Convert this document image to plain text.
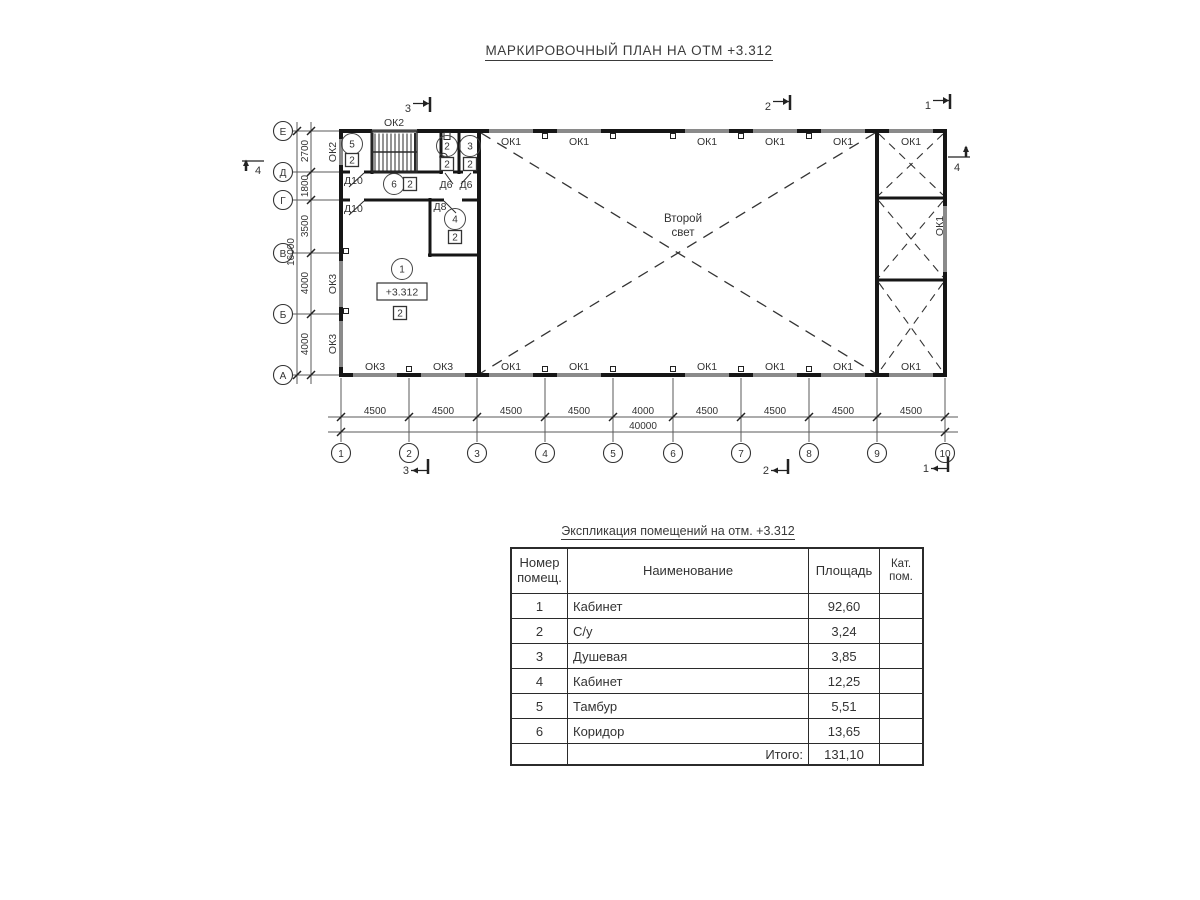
МАРКИРОВОЧНЫЙ ПЛАН НА ОТМ +3.312
1	2	3	4	5	6	7	8	9	10
Е
Д
Г
В
Б
А
4500	4500	4500	4500	4000	4500	4500	4500	4500
40000
2700
1800
3500
4000
4000
16000
3	2	1
3	2	1
4	4
ОК2
ОК2	ОК1	ОК1	ОК1	ОК1	ОК1	ОК1
ОК1	ОК1	ОК1	ОК1	ОК1	ОК1
ОК1
ОК3	ОК3
ОК3
ОК3
Д10
Д10
Д6 Д6
Д8
Второй
свет
1
2 3
4
5
6
2
2 2
2
2
2
+3.312
Экспликация помещений на отм. +3.312
Номер помещ.	Наименование	Площадь	Кат. пом.
1	Кабинет	92,60	
2	С/у	3,24	
3	Душевая	3,85	
4	Кабинет	12,25	
5	Тамбур	5,51	
6	Коридор	13,65	
	Итого:	131,10	
